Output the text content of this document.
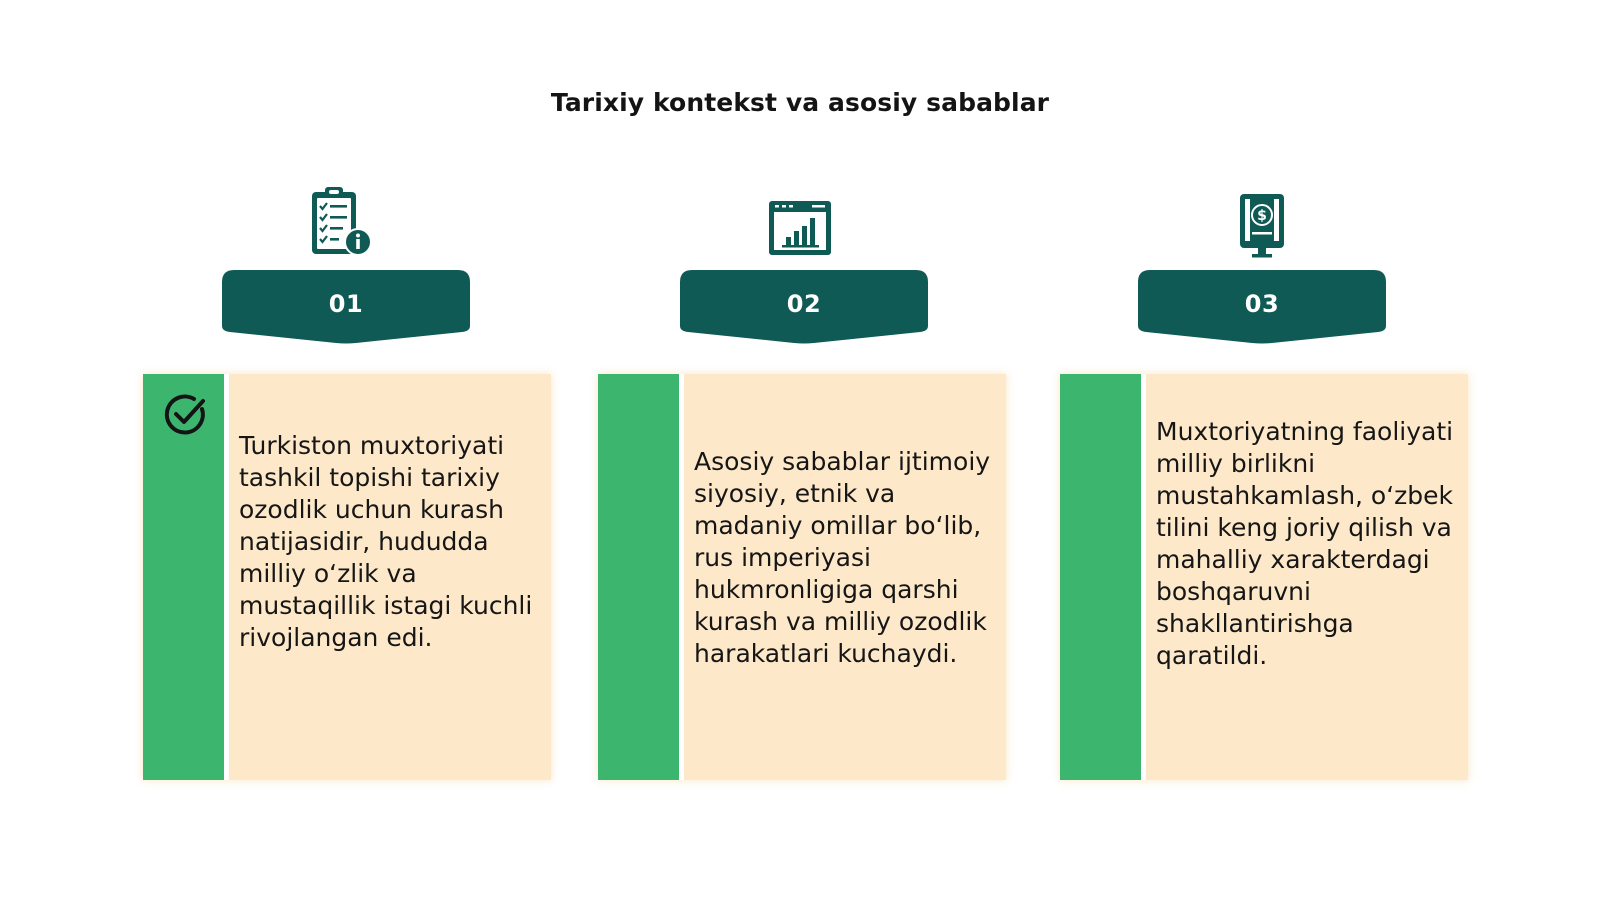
Tarixiy kontekst va asosiy sabablar
01
Turkiston muxtoriyati tashkil topishi tarixiy ozodlik uchun kurash natijasidir, hududda milliy o‘zlik va mustaqillik istagi kuchli rivojlangan edi.
02
Asosiy sabablar ijtimoiy siyosiy, etnik va madaniy omillar bo‘lib, rus imperiyasi hukmronligiga qarshi kurash va milliy ozodlik harakatlari kuchaydi.
$
03
Muxtoriyatning faoliyati milliy birlikni mustahkamlash, o‘zbek tilini keng joriy qilish va mahalliy xarakterdagi boshqaruvni shakllantirishga qaratildi.
